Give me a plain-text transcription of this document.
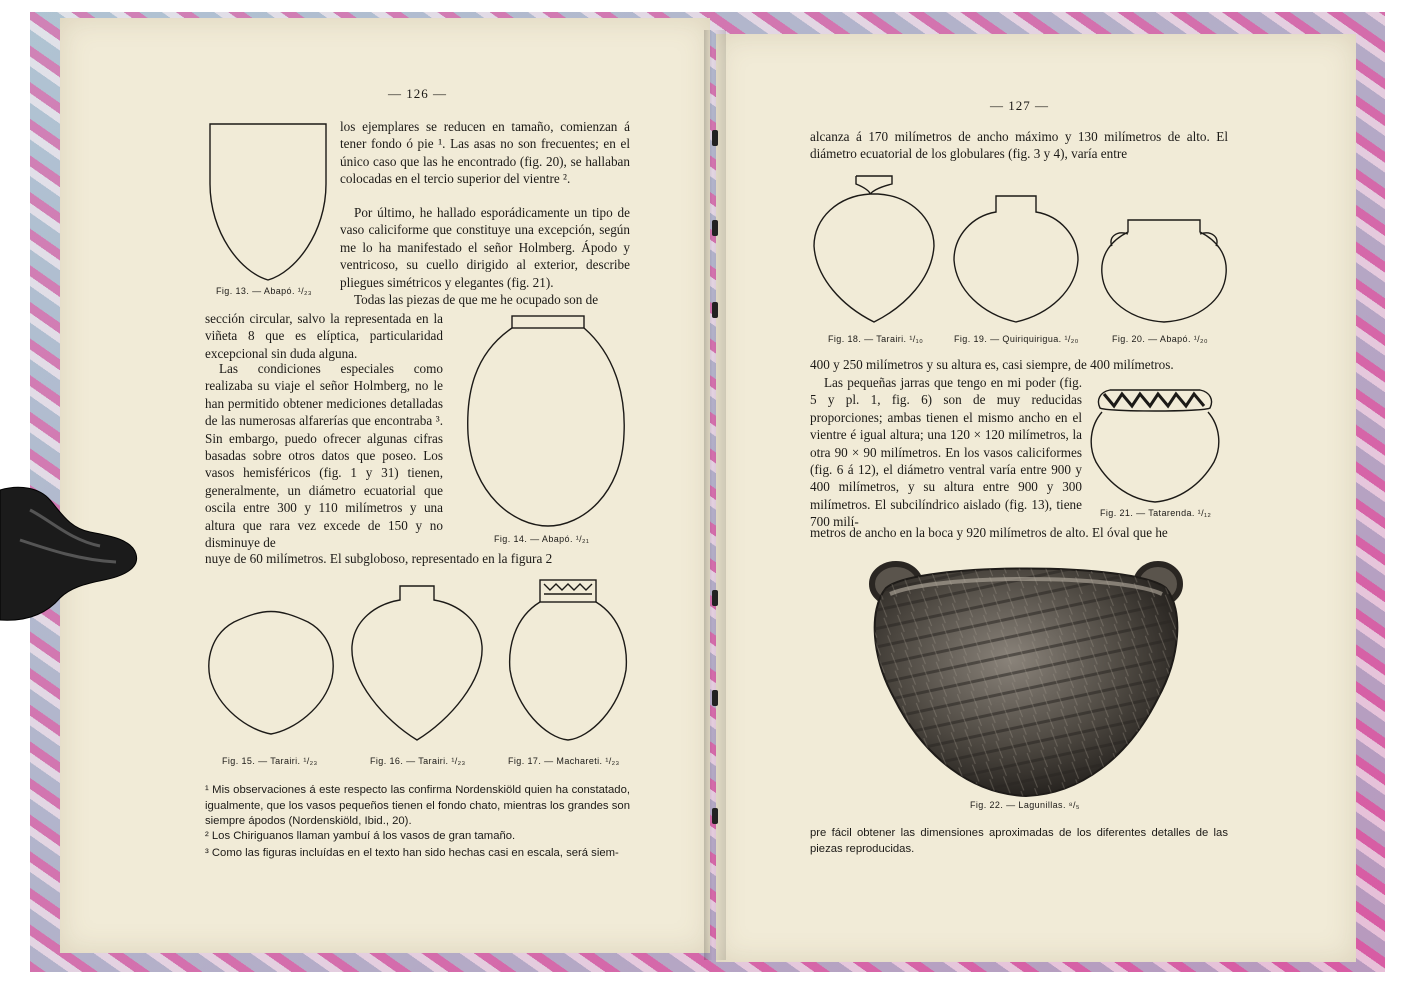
— 126 —
Fig. 13. — Abapó. ¹/₂₃

los ejemplares se reducen en tamaño, comienzan á tener fondo ó pie ¹. Las asas no son frecuentes; en el único caso que las he encontrado (fig. 20), se hallaban colocadas en el tercio superior del vientre ².

Por último, he hallado esporádicamente un tipo de vaso caliciforme que constituye una excepción, según me lo ha manifestado el señor Holmberg. Ápodo y ventricoso, su cuello dirigido al exterior, describe pliegues simétricos y elegantes (fig. 21).

Todas las piezas de que me he ocupado son de

sección circular, salvo la representada en la viñeta 8 que es elíptica, particularidad excepcional sin duda alguna.

Las condiciones especiales como realizaba su viaje el señor Holmberg, no le han permitido obtener mediciones detalladas de las numerosas alfarerías que encontraba ³. Sin embargo, puedo ofrecer algunas cifras basadas sobre otros datos que poseo. Los vasos hemisféricos (fig. 1 y 31) tienen, generalmente, un diámetro ecuatorial que oscila entre 300 y 110 milímetros y una altura que rara vez excede de 150 y no disminuye de	Fig. 14. — Abapó. ¹/₂₁

nuye de 60 milímetros. El subgloboso, representado en la figura 2

Fig. 15. — Tarairi. ¹/₂₃	Fig. 16. — Tarairi. ¹/₂₃	Fig. 17. — Machareti. ¹/₂₃

¹ Mis observaciones á este respecto las confirma Nordenskiöld quien ha constatado, igualmente, que los vasos pequeños tienen el fondo chato, mientras los grandes son siempre ápodos (Nordenskiöld, Ibid., 20).

² Los Chiriguanos llaman yambuí á los vasos de gran tamaño.

³ Como las figuras incluídas en el texto han sido hechas casi en escala, será siem-

— 127 —

alcanza á 170 milímetros de ancho máximo y 130 milímetros de alto. El diámetro ecuatorial de los globulares (fig. 3 y 4), varía entre

Fig. 18. — Tarairi. ¹/₁₀	Fig. 19. — Quiriquirigua. ¹/₂₀	Fig. 20. — Abapó. ¹/₂₀

400 y 250 milímetros y su altura es, casi siempre, de 400 milímetros.

Las pequeñas jarras que tengo en mi poder (fig. 5 y pl. 1, fig. 6) son de muy reducidas proporciones; ambas tienen el mismo ancho en el vientre é igual altura; una 120 × 120 milímetros, la otra 90 × 90 milímetros. En los vasos caliciformes (fig. 6 á 12), el diámetro ventral varía entre 900 y 400 milímetros, y su altura entre 900 y 300 milímetros. El subcilíndrico aislado (fig. 13), tiene 700 milí-

Fig. 21. — Tatarenda. ¹/₁₂

metros de ancho en la boca y 920 milímetros de alto. El óval que he

Fig. 22. — Lagunillas. ⁸/₅

pre fácil obtener las dimensiones aproximadas de los diferentes detalles de las piezas reproducidas.
